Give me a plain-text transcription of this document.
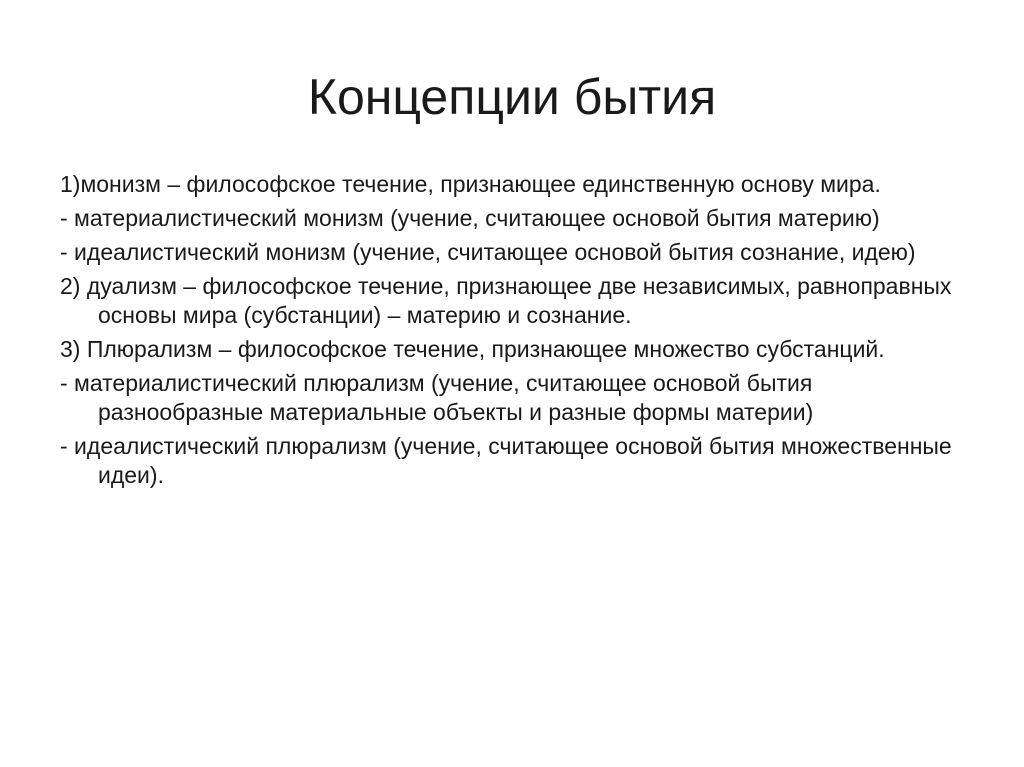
Концепции бытия
1)монизм – философское течение, признающее единственную основу мира.
- материалистический монизм (учение, считающее основой бытия материю)
- идеалистический монизм (учение, считающее основой бытия сознание, идею)
2) дуализм – философское течение, признающее две независимых, равноправных основы мира (субстанции) – материю и сознание.
3) Плюрализм – философское течение, признающее множество субстанций.
- материалистический плюрализм (учение, считающее основой бытия разнообразные материальные объекты и разные формы материи)
- идеалистический плюрализм (учение, считающее основой бытия множественные идеи).
